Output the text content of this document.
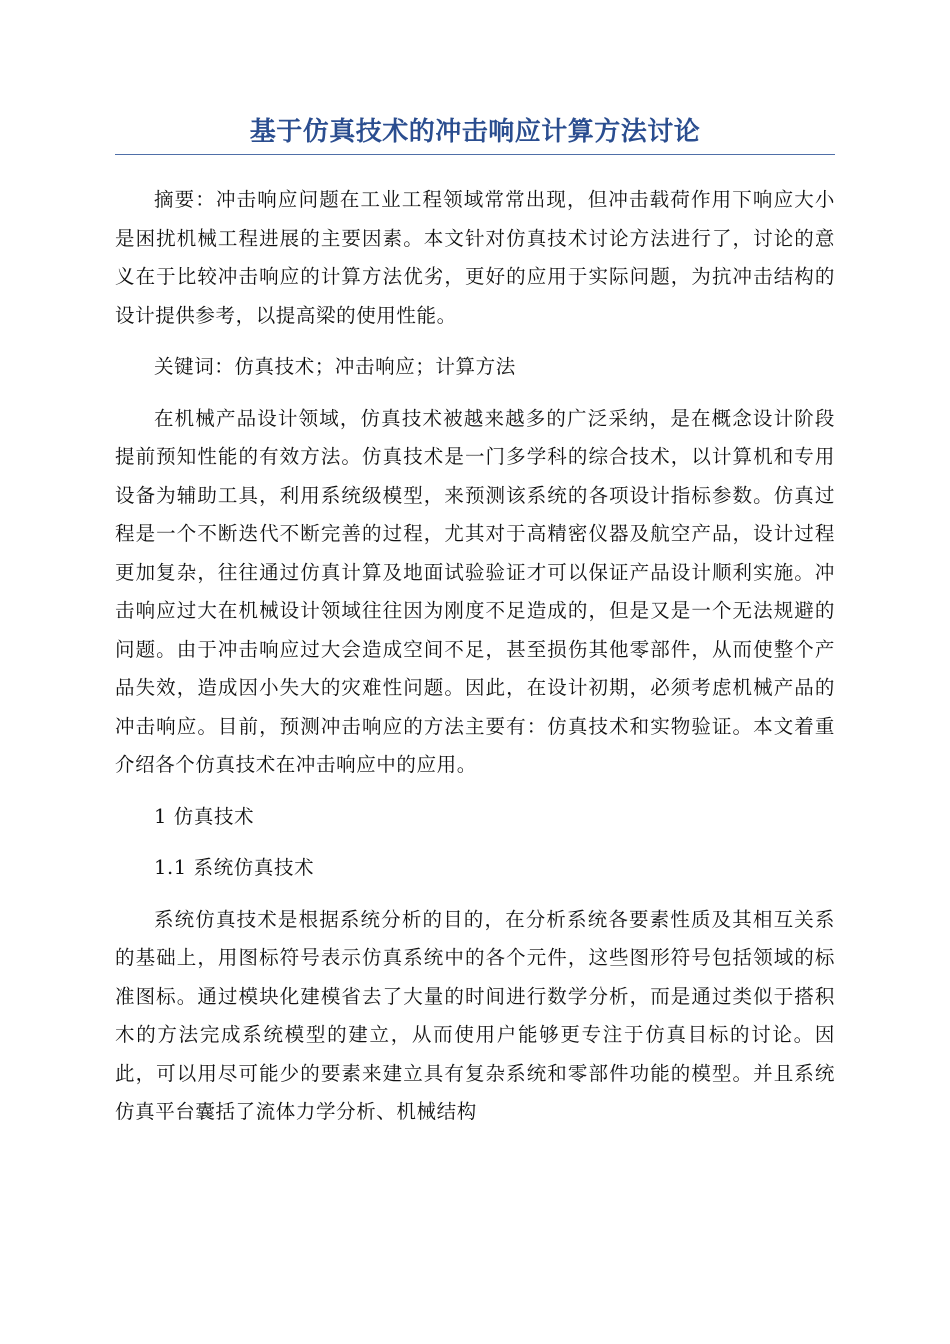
基于仿真技术的冲击响应计算方法讨论

摘要：冲击响应问题在工业工程领域常常出现，但冲击载荷作用下响应大小是困扰机械工程进展的主要因素。本文针对仿真技术讨论方法进行了，讨论的意义在于比较冲击响应的计算方法优劣，更好的应用于实际问题，为抗冲击结构的设计提供参考，以提高梁的使用性能。

关键词：仿真技术；冲击响应；计算方法

在机械产品设计领域，仿真技术被越来越多的广泛采纳，是在概念设计阶段提前预知性能的有效方法。仿真技术是一门多学科的综合技术，以计算机和专用设备为辅助工具，利用系统级模型，来预测该系统的各项设计指标参数。仿真过程是一个不断迭代不断完善的过程，尤其对于高精密仪器及航空产品，设计过程更加复杂，往往通过仿真计算及地面试验验证才可以保证产品设计顺利实施。冲击响应过大在机械设计领域往往因为刚度不足造成的，但是又是一个无法规避的问题。由于冲击响应过大会造成空间不足，甚至损伤其他零部件，从而使整个产品失效，造成因小失大的灾难性问题。因此，在设计初期，必须考虑机械产品的冲击响应。目前，预测冲击响应的方法主要有：仿真技术和实物验证。本文着重介绍各个仿真技术在冲击响应中的应用。

1 仿真技术

1.1 系统仿真技术

系统仿真技术是根据系统分析的目的，在分析系统各要素性质及其相互关系的基础上，用图标符号表示仿真系统中的各个元件，这些图形符号包括领域的标准图标。通过模块化建模省去了大量的时间进行数学分析，而是通过类似于搭积木的方法完成系统模型的建立，从而使用户能够更专注于仿真目标的讨论。因此，可以用尽可能少的要素来建立具有复杂系统和零部件功能的模型。并且系统仿真平台囊括了流体力学分析、机械结构
